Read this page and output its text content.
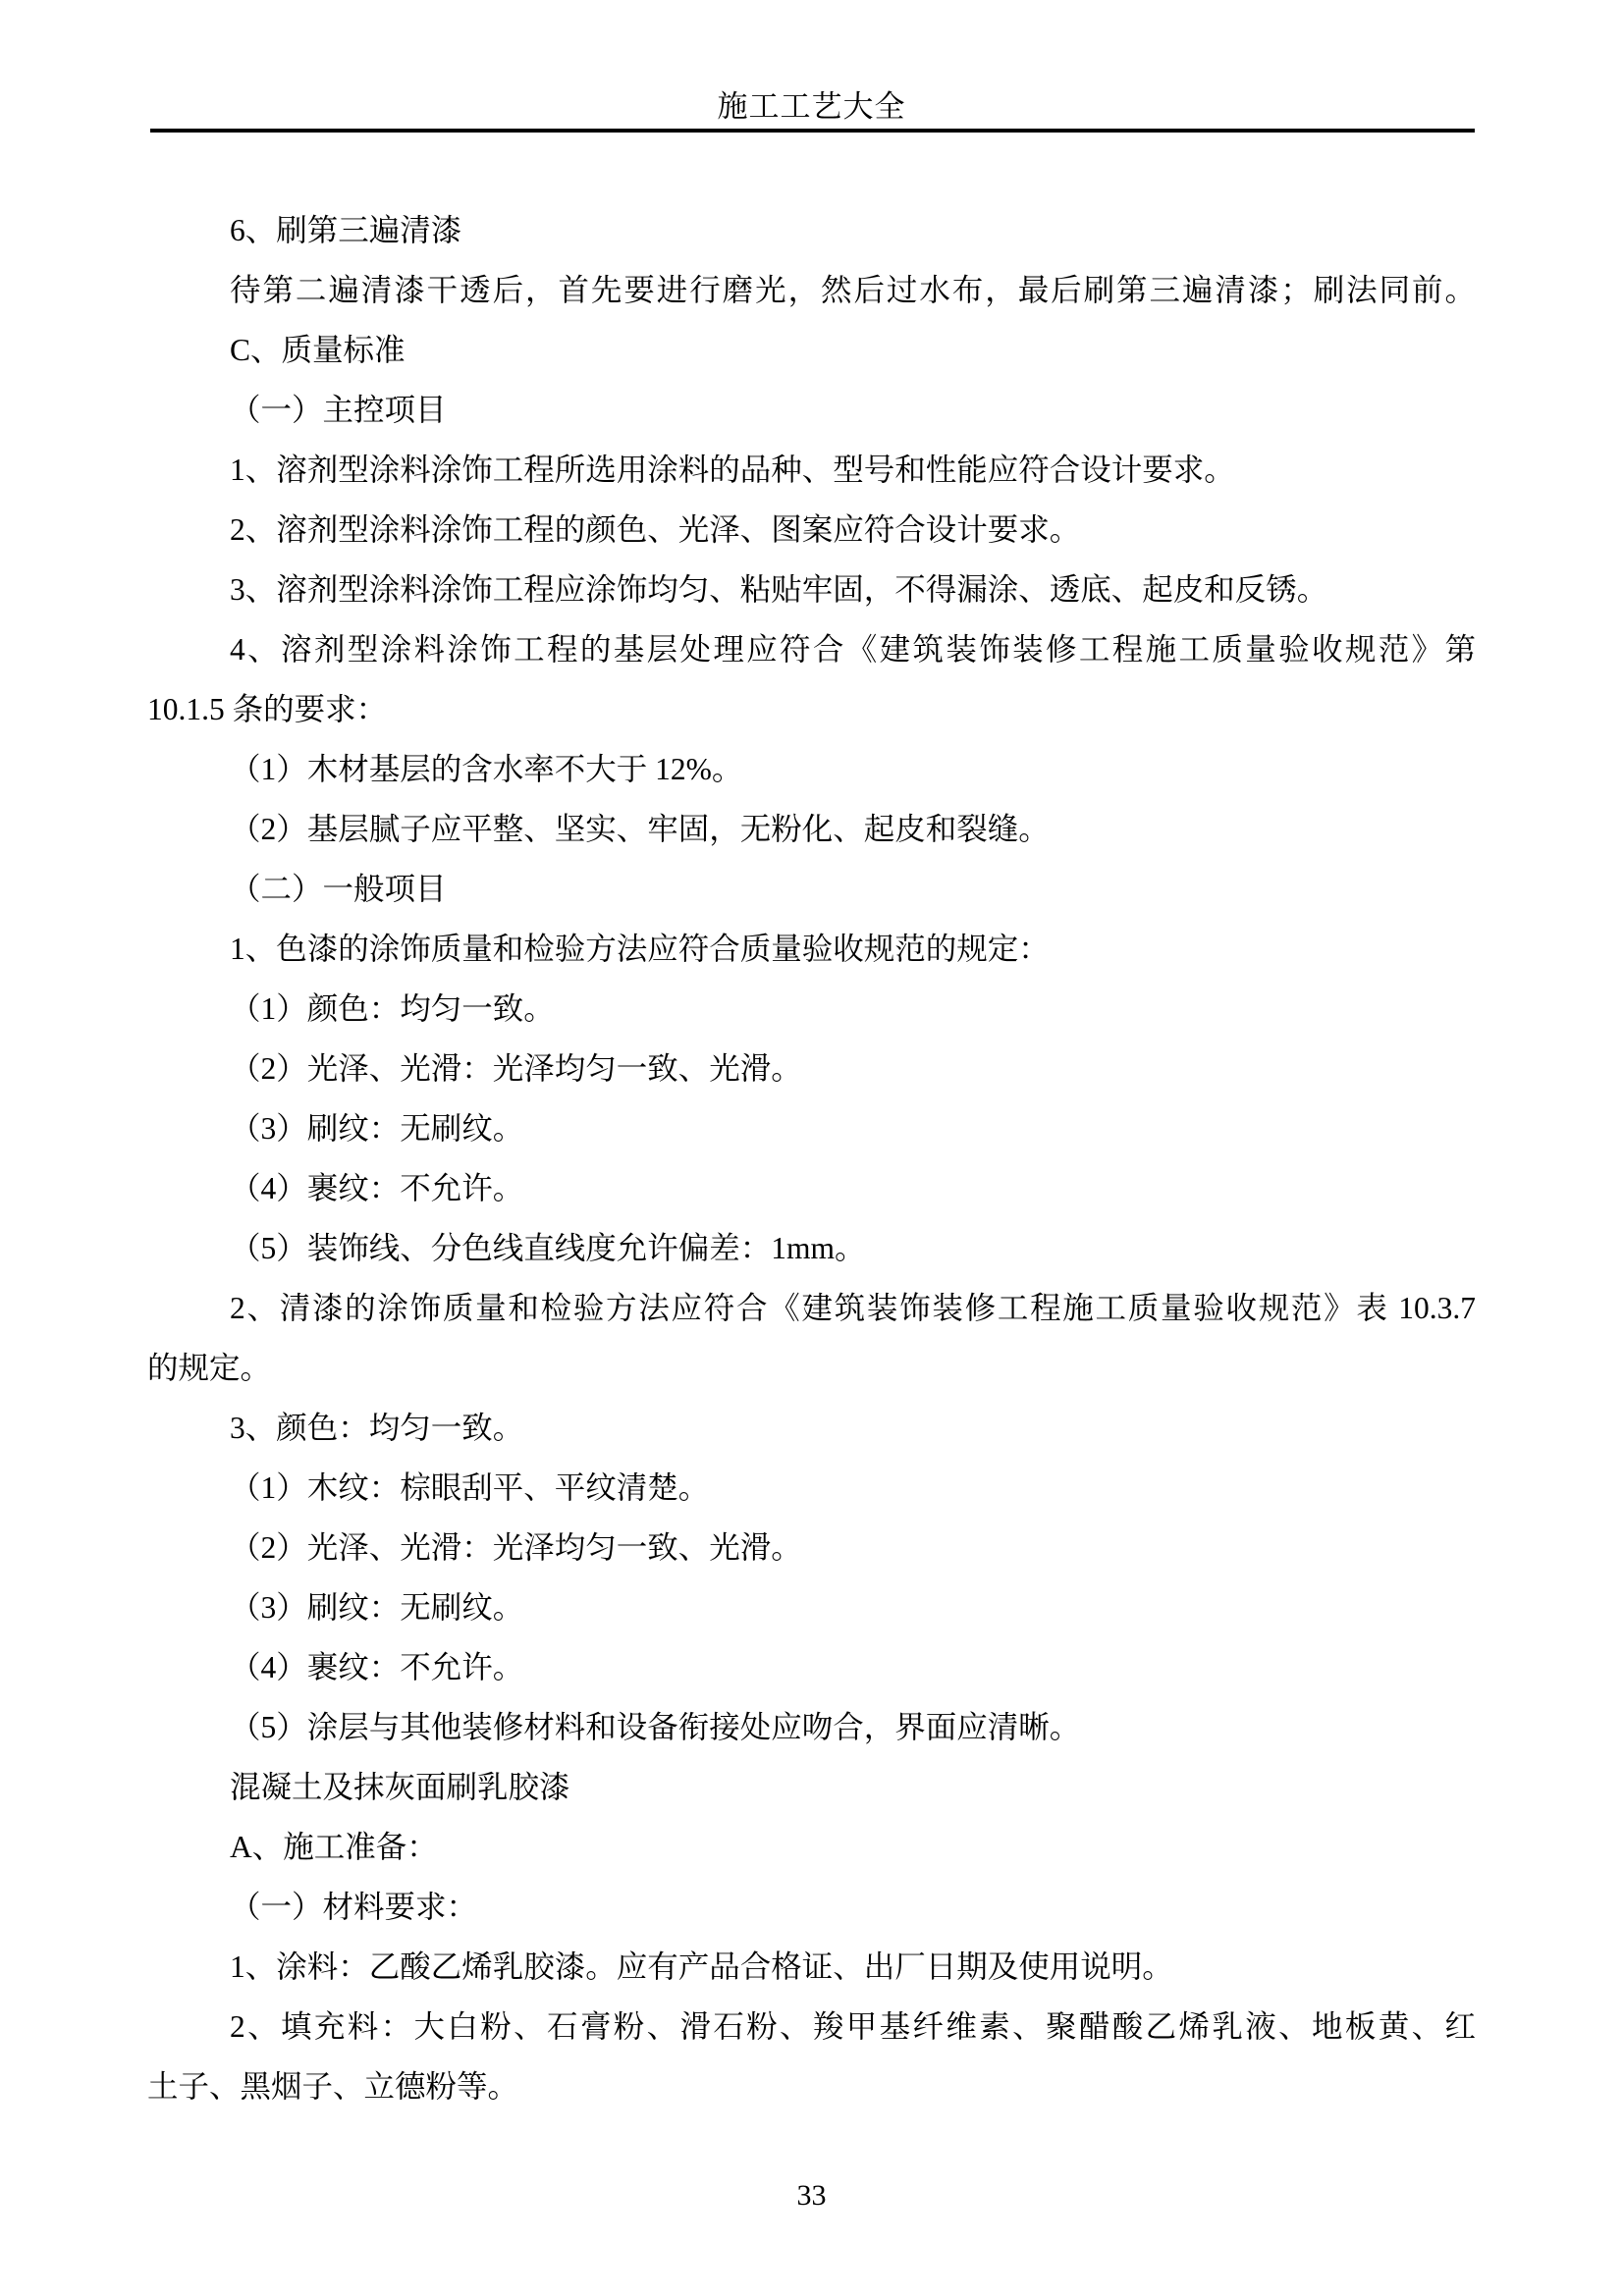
施工工艺大全
6、刷第三遍清漆
待第二遍清漆干透后，首先要进行磨光，然后过水布，最后刷第三遍清漆；刷法同前。
C、质量标准
（一）主控项目
1、溶剂型涂料涂饰工程所选用涂料的品种、型号和性能应符合设计要求。
2、溶剂型涂料涂饰工程的颜色、光泽、图案应符合设计要求。
3、溶剂型涂料涂饰工程应涂饰均匀、粘贴牢固，不得漏涂、透底、起皮和反锈。
4、溶剂型涂料涂饰工程的基层处理应符合《建筑装饰装修工程施工质量验收规范》第
10.1.5 条的要求：
（1）木材基层的含水率不大于 12%。
（2）基层腻子应平整、坚实、牢固，无粉化、起皮和裂缝。
（二）一般项目
1、色漆的涂饰质量和检验方法应符合质量验收规范的规定：
（1）颜色：均匀一致。
（2）光泽、光滑：光泽均匀一致、光滑。
（3）刷纹：无刷纹。
（4）裹纹：不允许。
（5）装饰线、分色线直线度允许偏差：1mm。
2、清漆的涂饰质量和检验方法应符合《建筑装饰装修工程施工质量验收规范》表 10.3.7
的规定。
3、颜色：均匀一致。
（1）木纹：棕眼刮平、平纹清楚。
（2）光泽、光滑：光泽均匀一致、光滑。
（3）刷纹：无刷纹。
（4）裹纹：不允许。
（5）涂层与其他装修材料和设备衔接处应吻合，界面应清晰。
混凝土及抹灰面刷乳胶漆
A、施工准备：
（一）材料要求：
1、涂料：乙酸乙烯乳胶漆。应有产品合格证、出厂日期及使用说明。
2、填充料：大白粉、石膏粉、滑石粉、羧甲基纤维素、聚醋酸乙烯乳液、地板黄、红
土子、黑烟子、立德粉等。
33
